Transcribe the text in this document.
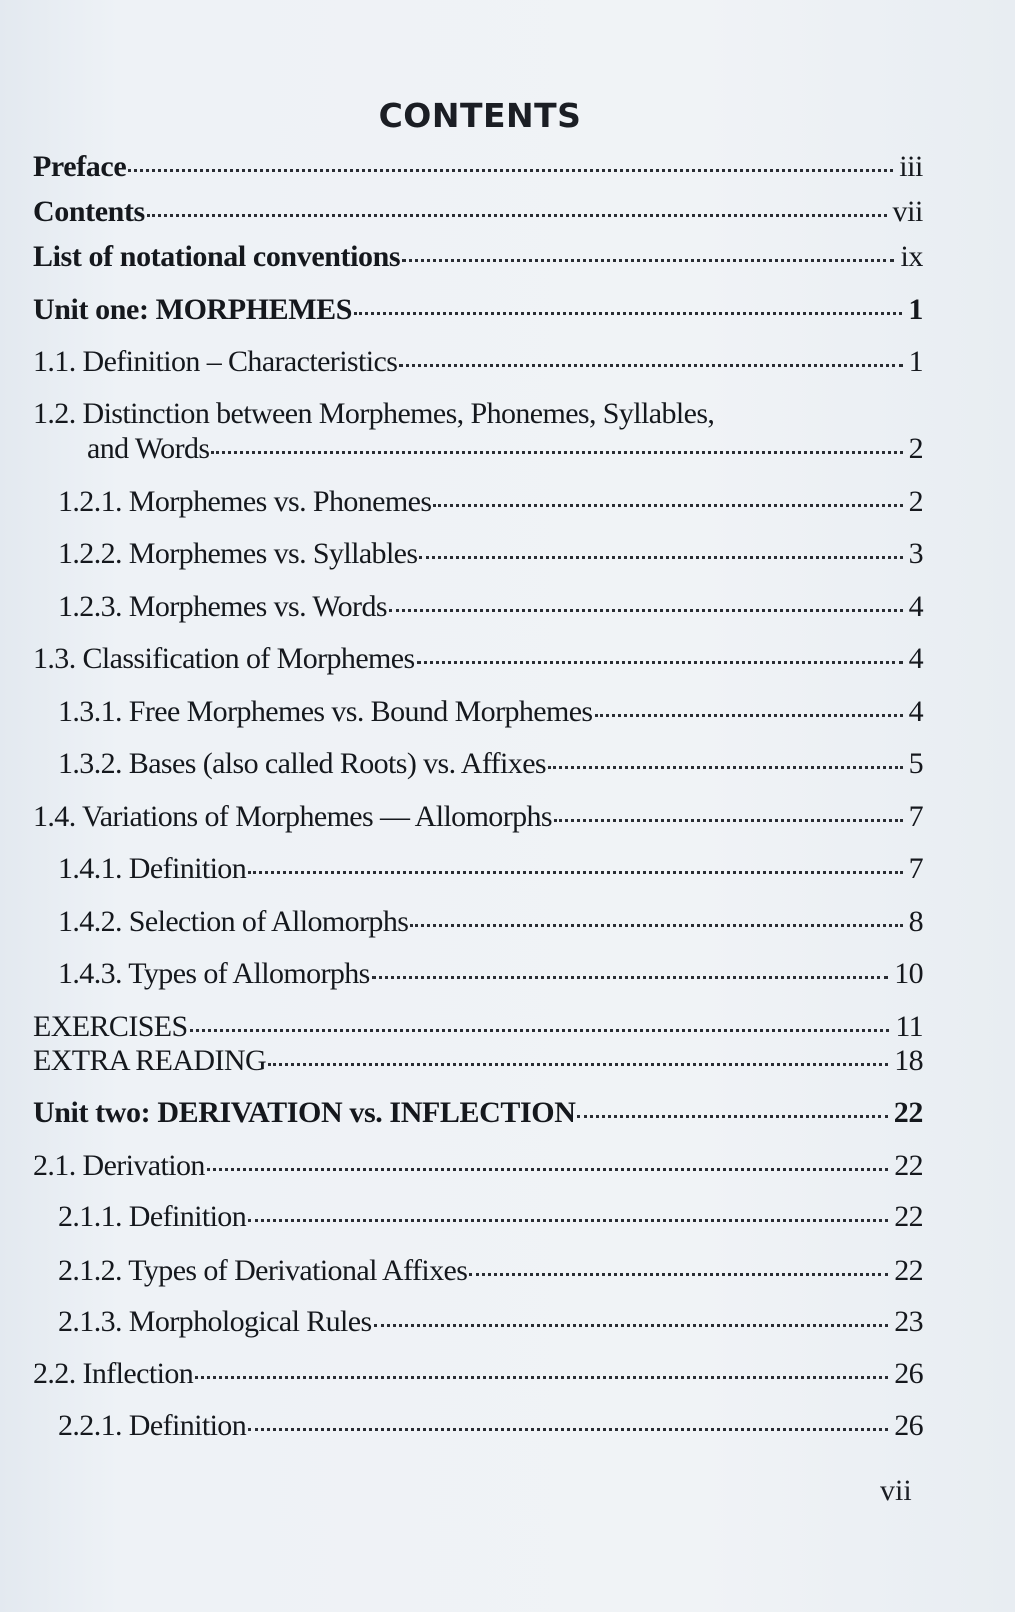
CONTENTS
Preface	iii
Contents	vii
List of notational conventions	ix
Unit one: MORPHEMES	1
1.1. Definition – Characteristics	1
1.2. Distinction between Morphemes, Phonemes, Syllables,
and Words	2
1.2.1. Morphemes vs. Phonemes	2
1.2.2. Morphemes vs. Syllables	3
1.2.3. Morphemes vs. Words	4
1.3. Classification of Morphemes	4
1.3.1. Free Morphemes vs. Bound Morphemes	4
1.3.2. Bases (also called Roots) vs. Affixes	5
1.4. Variations of Morphemes — Allomorphs	7
1.4.1. Definition	7
1.4.2. Selection of Allomorphs	8
1.4.3. Types of Allomorphs	10
EXERCISES	11
EXTRA READING	18
Unit two: DERIVATION vs. INFLECTION	22
2.1. Derivation	22
2.1.1. Definition	22
2.1.2. Types of Derivational Affixes	22
2.1.3. Morphological Rules	23
2.2. Inflection	26
2.2.1. Definition	26
vii
